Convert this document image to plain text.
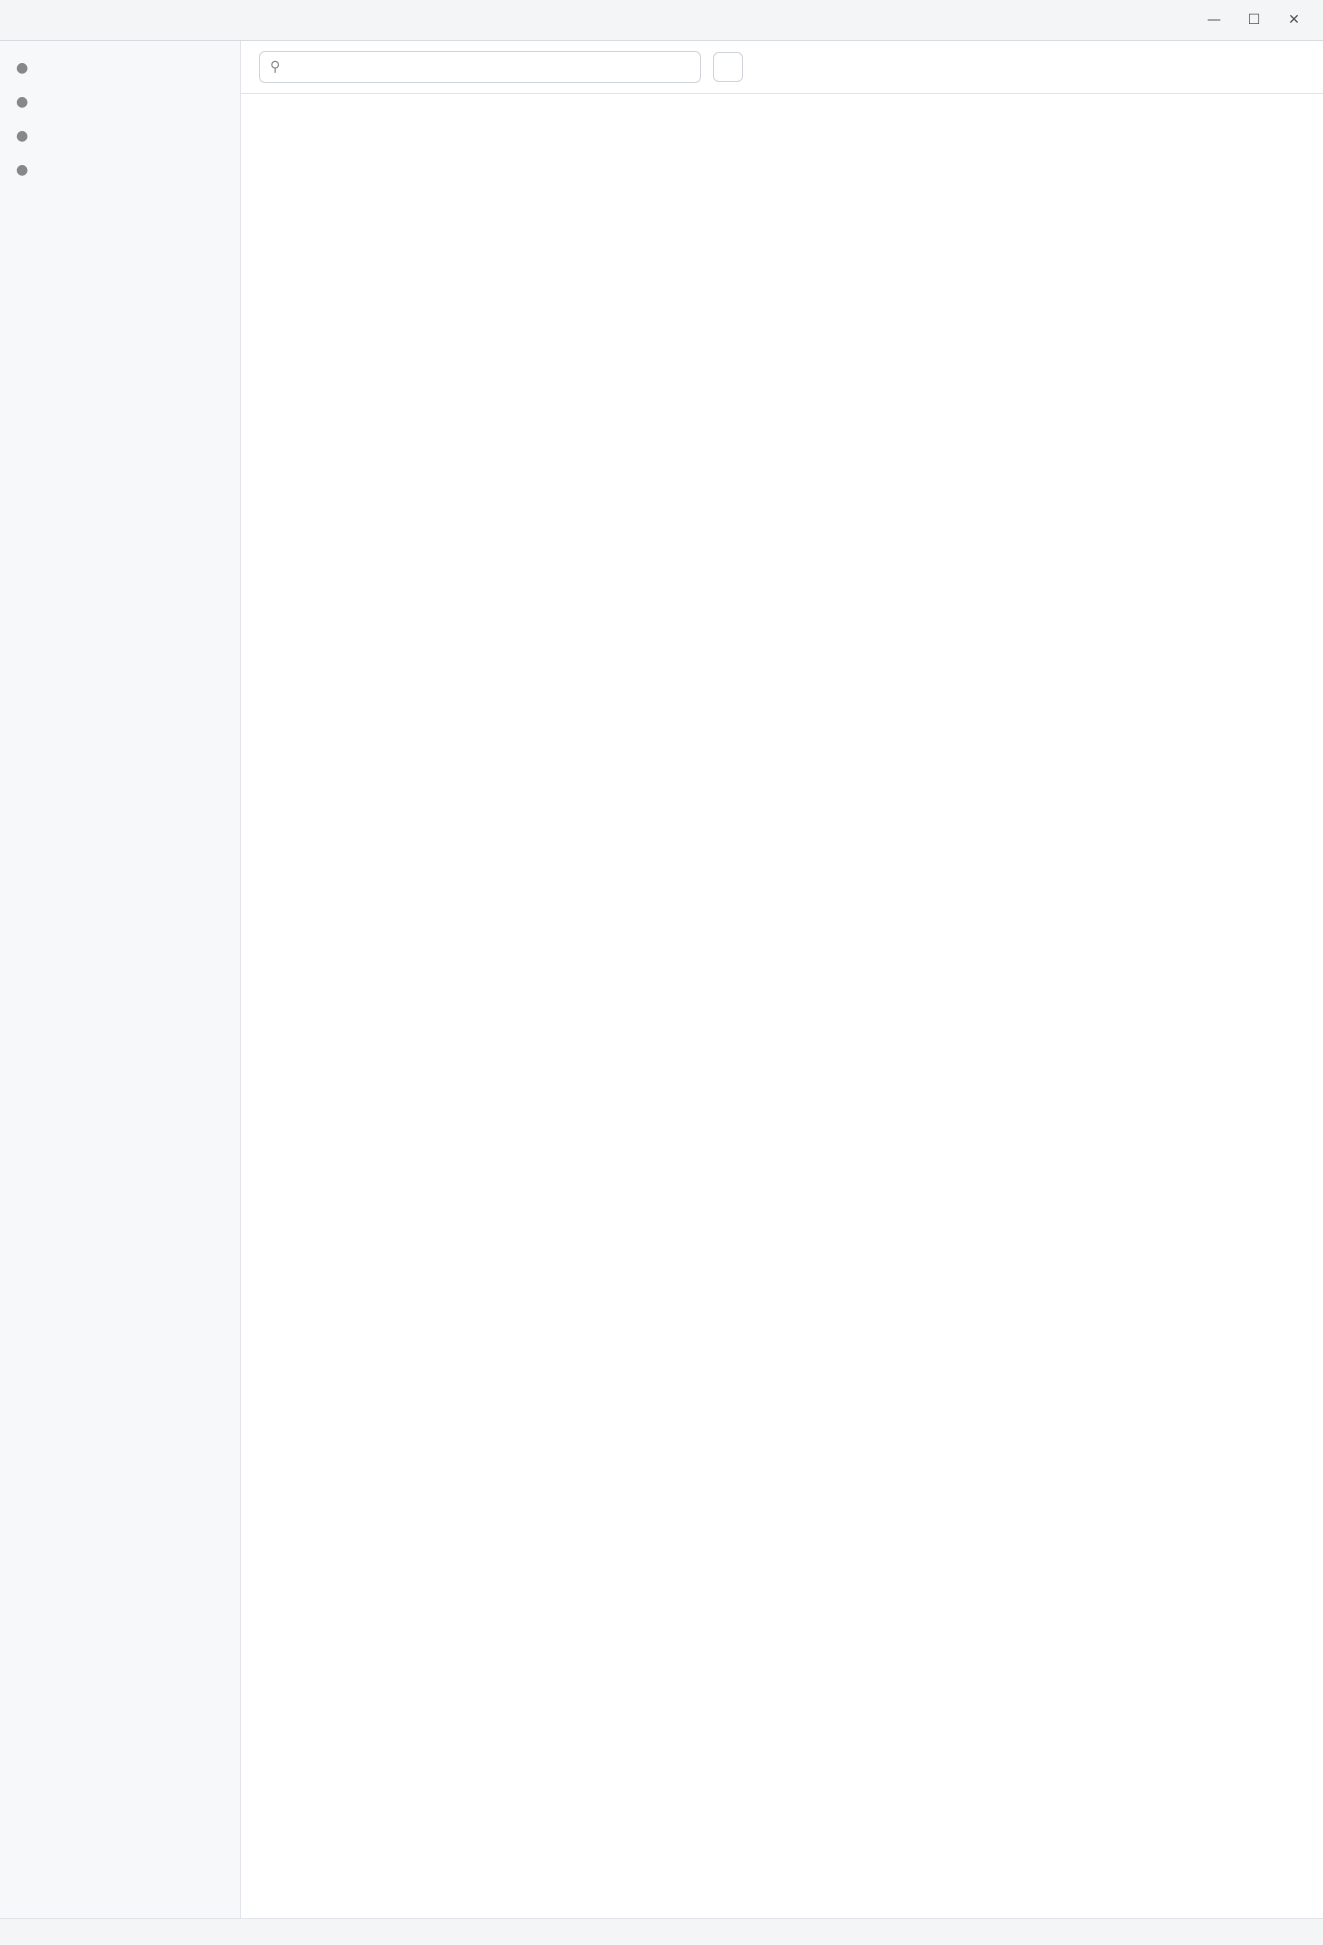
—	☐	✕
●
●
●
●
⚲
